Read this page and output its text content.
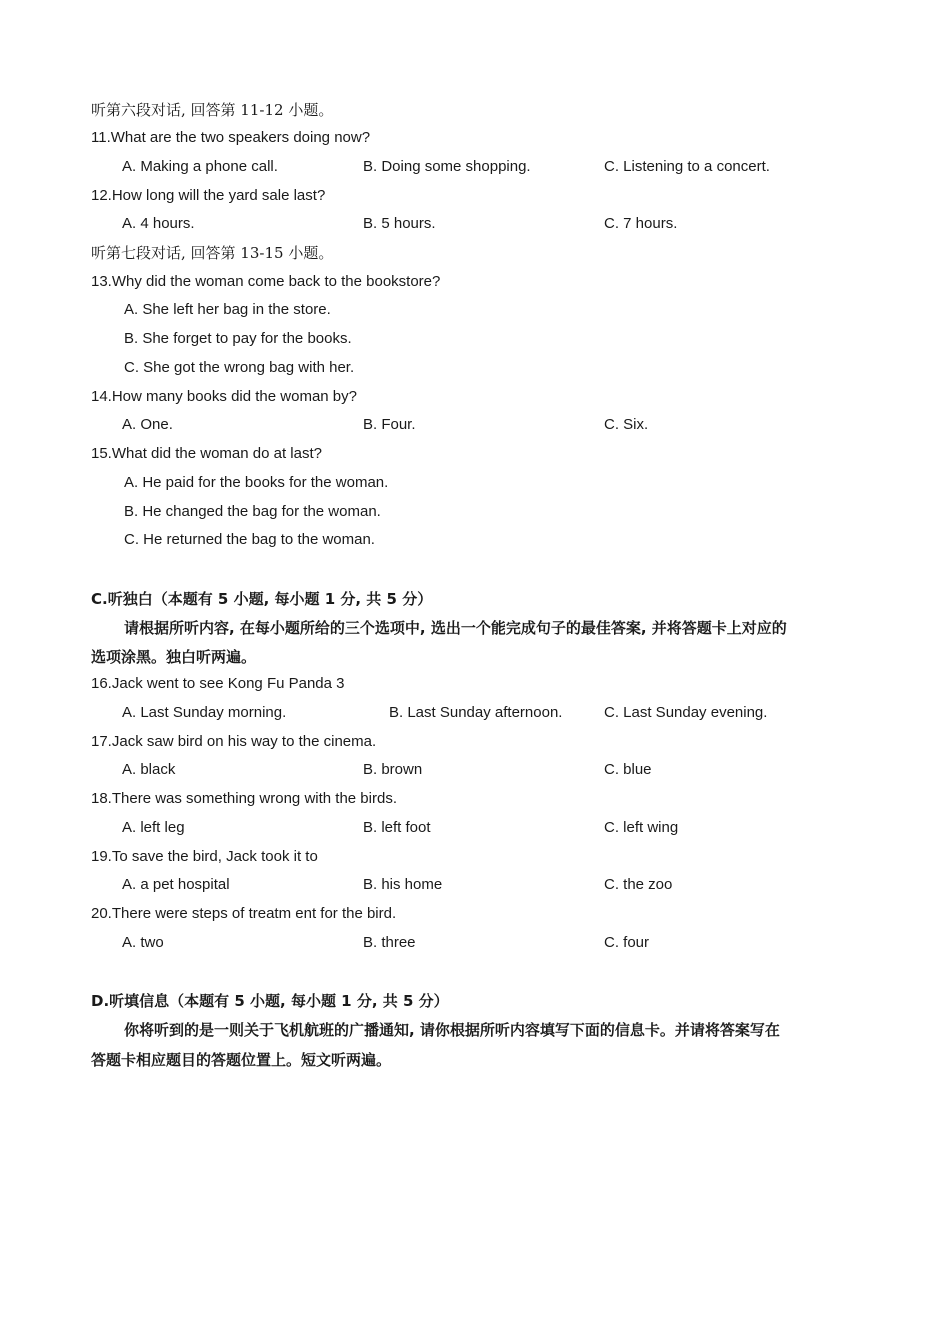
听第六段对话, 回答第 11-12 小题。
11.What are the two speakers doing now?
A. Making a phone call.	B. Doing some shopping.	C. Listening to a concert.
12.How long will the yard sale last?
A. 4 hours.	B. 5 hours.	C. 7 hours.
听第七段对话, 回答第 13-15 小题。
13.Why did the woman come back to the bookstore?
A. She left her bag in the store.
B. She forget to pay for the books.
C. She got the wrong bag with her.
14.How many books did the woman by?
A. One.	B. Four.	C. Six.
15.What did the woman do at last?
A. He paid for the books for the woman.
B. He changed the bag for the woman.
C. He returned the bag to the woman.
C.听独白（本题有 5 小题, 每小题 1 分, 共 5 分）
请根据所听内容, 在每小题所给的三个选项中, 选出一个能完成句子的最佳答案, 并将答题卡上对应的
选项涂黑。独白听两遍。
16.Jack went to see Kong Fu Panda 3
A. Last Sunday morning.	B. Last Sunday afternoon.	C. Last Sunday evening.
17.Jack saw bird on his way to the cinema.
A. black	B. brown	C. blue
18.There was something wrong with the birds.
A. left leg	B. left foot	C. left wing
19.To save the bird, Jack took it to
A. a pet hospital	B. his home	C. the zoo
20.There were steps of treatm ent for the bird.
A. two	B. three	C. four
D.听填信息（本题有 5 小题, 每小题 1 分, 共 5 分）
你将听到的是一则关于飞机航班的广播通知, 请你根据所听内容填写下面的信息卡。并请将答案写在
答题卡相应题目的答题位置上。短文听两遍。
